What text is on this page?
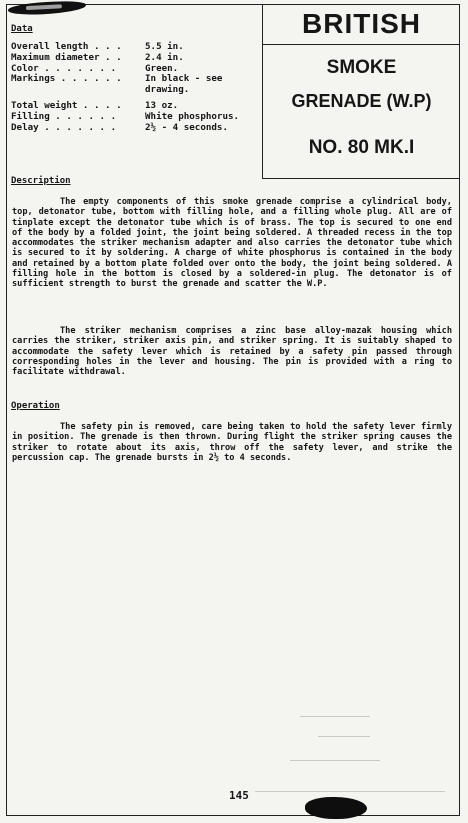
BRITISH
SMOKE
GRENADE (W.P)
NO. 80 MK.I
Data
Overall length . . .	5.5 in.
Maximum diameter . .	2.4 in.
Color . . . . . . .	Green.
Markings . . . . . .	In black - see drawing.
Total weight . . . .	13 oz.
Filling . . . . . .	White phosphorus.
Delay . . . . . . .	2½ - 4 seconds.
Description
The empty components of this smoke grenade comprise a cylindrical body, top, detonator tube, bottom with filling hole, and a filling whole plug. All are of tinplate except the detonator tube which is of brass. The top is secured to one end of the body by a folded joint, the joint being soldered. A threaded recess in the top accommodates the striker mechanism adapter and also carries the detonator tube which is secured to it by soldering. A charge of white phosphorus is contained in the body and retained by a bottom plate folded over onto the body, the joint being soldered. A filling hole in the bottom is closed by a soldered-in plug. The detonator is of sufficient strength to burst the grenade and scatter the W.P.
The striker mechanism comprises a zinc base alloy-mazak housing which carries the striker, striker axis pin, and striker spring. It is suitably shaped to accommodate the safety lever which is retained by a safety pin passed through corresponding holes in the lever and housing. The pin is provided with a ring to facilitate withdrawal.
Operation
The safety pin is removed, care being taken to hold the safety lever firmly in position. The grenade is then thrown. During flight the striker spring causes the striker to rotate about its axis, throw off the safety lever, and strike the percussion cap. The grenade bursts in 2½ to 4 seconds.
145
